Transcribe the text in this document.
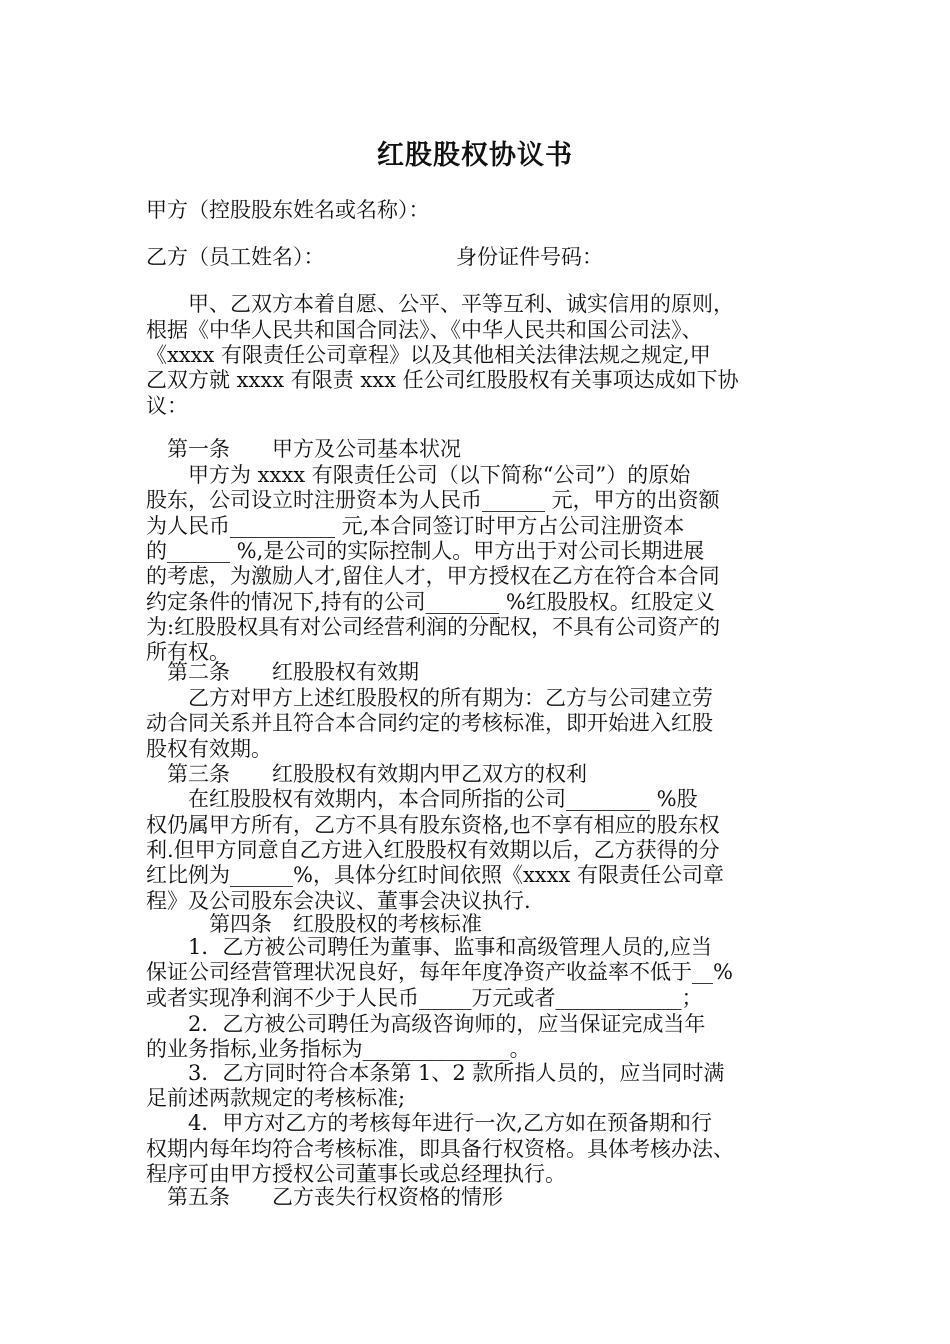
红股股权协议书
甲方（控股股东姓名或名称）：
乙方（员工姓名）：	身份证件号码：
　　甲、乙双方本着自愿、公平、平等互利、诚实信用的原则，
根据《中华人民共和国合同法》、《中华人民共和国公司法》、
《xxxx 有限责任公司章程》以及其他相关法律法规之规定,甲
乙双方就 xxxx 有限责 xxx 任公司红股股权有关事项达成如下协
议：
　第一条　　甲方及公司基本状况
　　甲方为 xxxx 有限责任公司（以下简称“公司”）的原始
股东，公司设立时注册资本为人民币______ 元，甲方的出资额
为人民币__________ 元,本合同签订时甲方占公司注册资本
的______ %,是公司的实际控制人。甲方出于对公司长期进展
的考虑，为激励人才,留住人才，甲方授权在乙方在符合本合同
约定条件的情况下,持有的公司_______ %红股股权。红股定义
为:红股股权具有对公司经营利润的分配权，不具有公司资产的
所有权。
　第二条　　红股股权有效期
　　乙方对甲方上述红股股权的所有期为：乙方与公司建立劳
动合同关系并且符合本合同约定的考核标准，即开始进入红股
股权有效期。
　第三条　　红股股权有效期内甲乙双方的权利
　　在红股股权有效期内，本合同所指的公司________ %股
权仍属甲方所有，乙方不具有股东资格,也不享有相应的股东权
利.但甲方同意自乙方进入红股股权有效期以后，乙方获得的分
红比例为______%，具体分红时间依照《xxxx 有限责任公司章
程》及公司股东会决议、董事会决议执行.
　　　第四条　红股股权的考核标准
　　1．乙方被公司聘任为董事、监事和高级管理人员的,应当
保证公司经营管理状况良好，每年年度净资产收益率不低于__%
或者实现净利润不少于人民币_____万元或者____________；
　　2．乙方被公司聘任为高级咨询师的，应当保证完成当年
的业务指标,业务指标为______________。
　　3．乙方同时符合本条第 1、2 款所指人员的，应当同时满
足前述两款规定的考核标准;
　　4．甲方对乙方的考核每年进行一次,乙方如在预备期和行
权期内每年均符合考核标准，即具备行权资格。具体考核办法、
程序可由甲方授权公司董事长或总经理执行。
　第五条　　乙方丧失行权资格的情形
